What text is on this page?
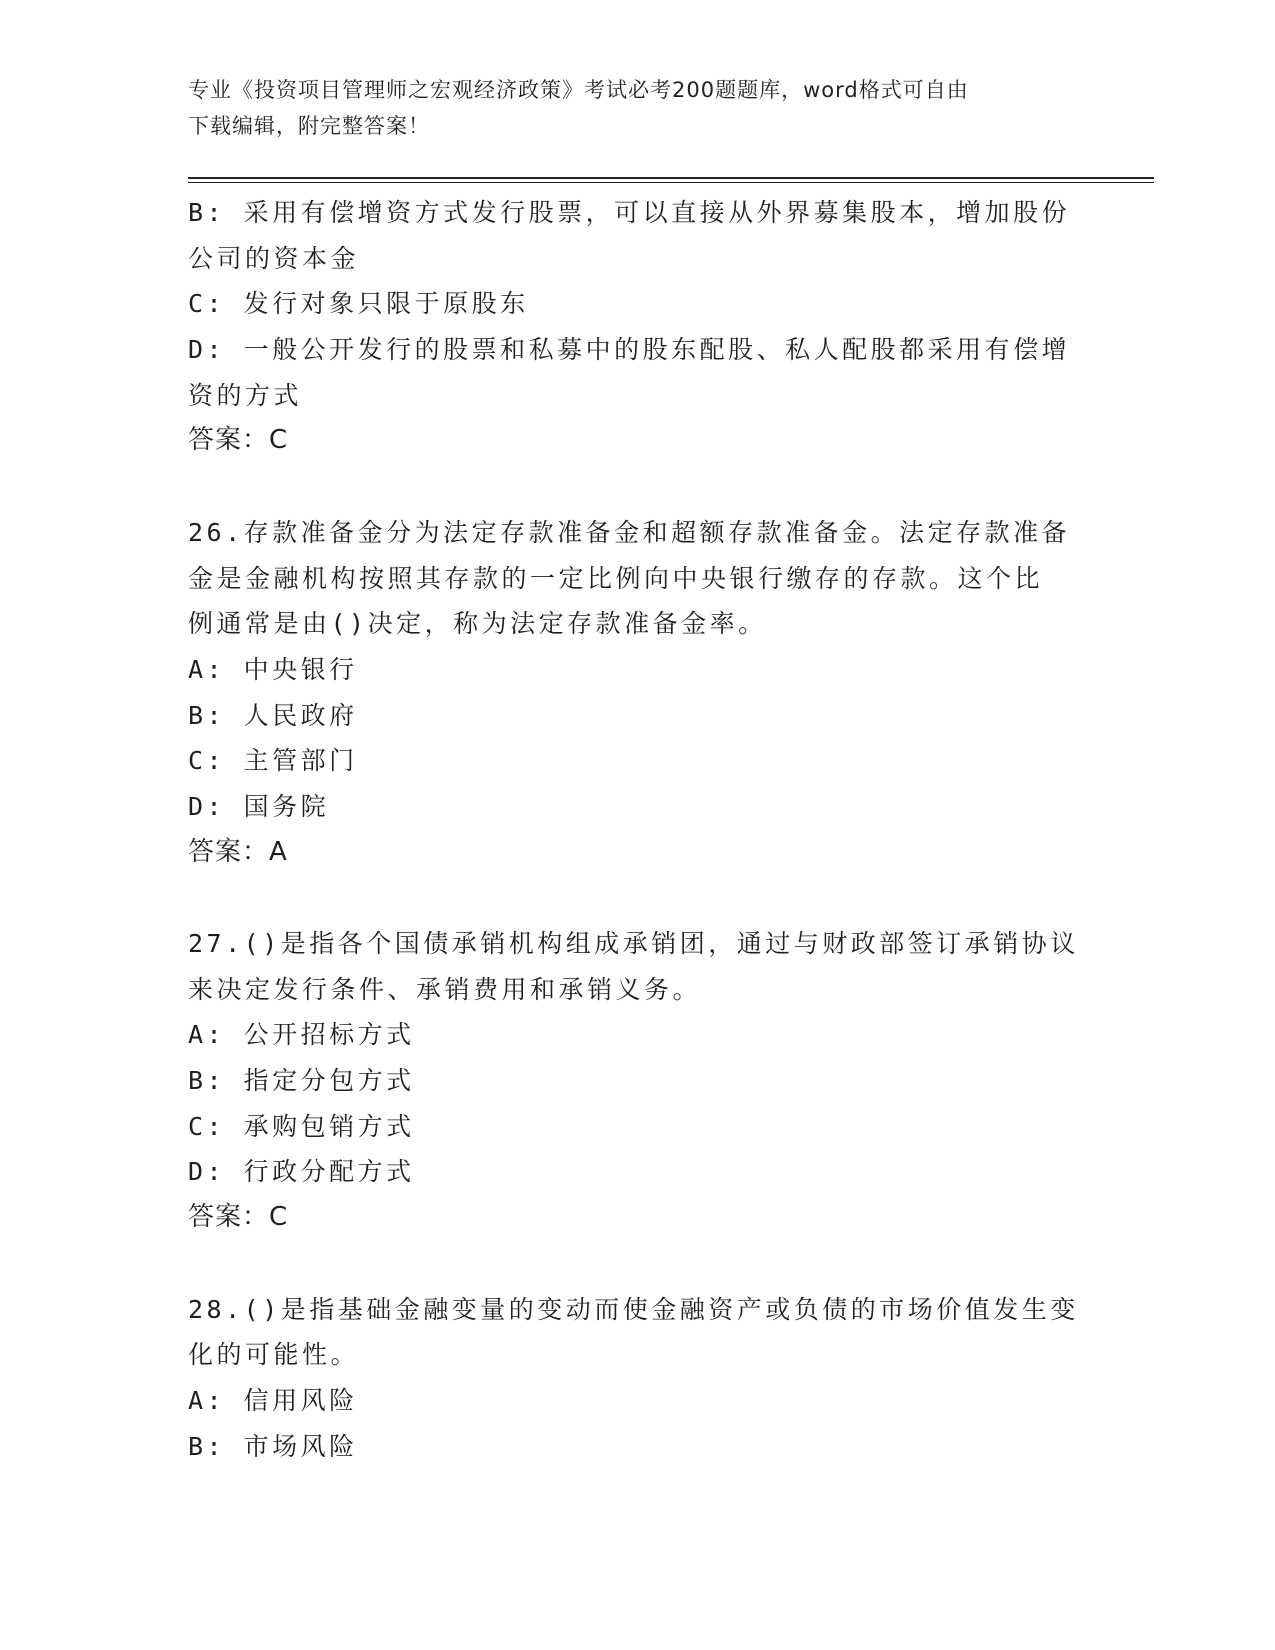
专业《投资项目管理师之宏观经济政策》考试必考200题题库，word格式可自由
下载编辑，附完整答案！
B: 采用有偿增资方式发行股票，可以直接从外界募集股本，增加股份
公司的资本金
C: 发行对象只限于原股东
D: 一般公开发行的股票和私募中的股东配股、私人配股都采用有偿增
资的方式
答案：C
26.存款准备金分为法定存款准备金和超额存款准备金。法定存款准备
金是金融机构按照其存款的一定比例向中央银行缴存的存款。这个比
例通常是由()决定，称为法定存款准备金率。
A: 中央银行
B: 人民政府
C: 主管部门
D: 国务院
答案：A
27.()是指各个国债承销机构组成承销团，通过与财政部签订承销协议
来决定发行条件、承销费用和承销义务。
A: 公开招标方式
B: 指定分包方式
C: 承购包销方式
D: 行政分配方式
答案：C
28.()是指基础金融变量的变动而使金融资产或负债的市场价值发生变
化的可能性。
A: 信用风险
B: 市场风险
